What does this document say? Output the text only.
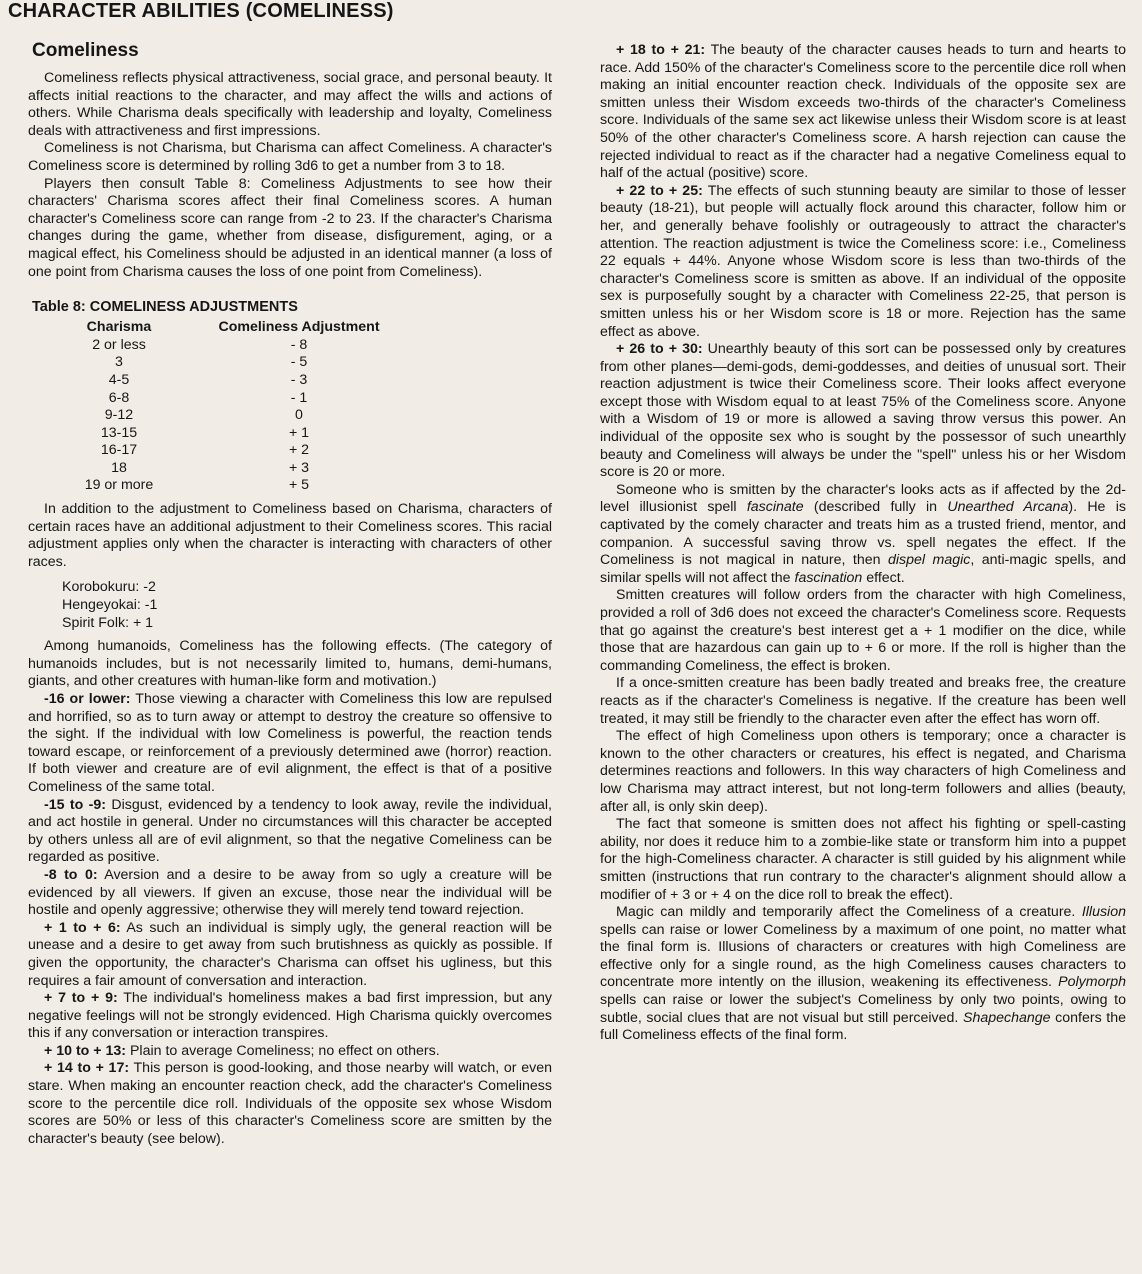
CHARACTER ABILITIES (COMELINESS)
Comeliness

Comeliness reflects physical attractiveness, social grace, and personal beauty. It affects initial reactions to the character, and may affect the wills and actions of others. While Charisma deals specifically with leadership and loyalty, Comeliness deals with attractiveness and first impressions.

Comeliness is not Charisma, but Charisma can affect Comeliness. A character's Comeliness score is determined by rolling 3d6 to get a number from 3 to 18.

Players then consult Table 8: Comeliness Adjustments to see how their characters' Charisma scores affect their final Comeliness scores. A human character's Comeliness score can range from -2 to 23. If the character's Charisma changes during the game, whether from disease, disfigurement, aging, or a magical effect, his Comeliness should be adjusted in an identical manner (a loss of one point from Charisma causes the loss of one point from Comeliness).

Table 8: COMELINESS ADJUSTMENTS
Charisma	Comeliness Adjustment
2 or less	- 8
3	- 5
4-5	- 3
6-8	- 1
9-12	0
13-15	+ 1
16-17	+ 2
18	+ 3
19 or more	+ 5

In addition to the adjustment to Comeliness based on Charisma, characters of certain races have an additional adjustment to their Comeliness scores. This racial adjustment applies only when the character is interacting with characters of other races.

Korobokuru: -2
Hengeyokai: -1
Spirit Folk: + 1

Among humanoids, Comeliness has the following effects. (The category of humanoids includes, but is not necessarily limited to, humans, demi-humans, giants, and other creatures with human-like form and motivation.)

-16 or lower: Those viewing a character with Comeliness this low are repulsed and horrified, so as to turn away or attempt to destroy the creature so offensive to the sight. If the individual with low Comeliness is powerful, the reaction tends toward escape, or reinforcement of a previously determined awe (horror) reaction. If both viewer and creature are of evil alignment, the effect is that of a positive Comeliness of the same total.

-15 to -9: Disgust, evidenced by a tendency to look away, revile the individual, and act hostile in general. Under no circumstances will this character be accepted by others unless all are of evil alignment, so that the negative Comeliness can be regarded as positive.

-8 to 0: Aversion and a desire to be away from so ugly a creature will be evidenced by all viewers. If given an excuse, those near the individual will be hostile and openly aggressive; otherwise they will merely tend toward rejection.

+ 1 to + 6: As such an individual is simply ugly, the general reaction will be unease and a desire to get away from such brutishness as quickly as possible. If given the opportunity, the character's Charisma can offset his ugliness, but this requires a fair amount of conversation and interaction.

+ 7 to + 9: The individual's homeliness makes a bad first impression, but any negative feelings will not be strongly evidenced. High Charisma quickly overcomes this if any conversation or interaction transpires.

+ 10 to + 13: Plain to average Comeliness; no effect on others.

+ 14 to + 17: This person is good-looking, and those nearby will watch, or even stare. When making an encounter reaction check, add the character's Comeliness score to the percentile dice roll. Individuals of the opposite sex whose Wisdom scores are 50% or less of this character's Comeliness score are smitten by the character's beauty (see below).

+ 18 to + 21: The beauty of the character causes heads to turn and hearts to race. Add 150% of the character's Comeliness score to the percentile dice roll when making an initial encounter reaction check. Individuals of the opposite sex are smitten unless their Wisdom exceeds two-thirds of the character's Comeliness score. Individuals of the same sex act likewise unless their Wisdom score is at least 50% of the other character's Comeliness score. A harsh rejection can cause the rejected individual to react as if the character had a negative Comeliness equal to half of the actual (positive) score.

+ 22 to + 25: The effects of such stunning beauty are similar to those of lesser beauty (18-21), but people will actually flock around this character, follow him or her, and generally behave foolishly or outrageously to attract the character's attention. The reaction adjustment is twice the Comeliness score: i.e., Comeliness 22 equals + 44%. Anyone whose Wisdom score is less than two-thirds of the character's Comeliness score is smitten as above. If an individual of the opposite sex is purposefully sought by a character with Comeliness 22-25, that person is smitten unless his or her Wisdom score is 18 or more. Rejection has the same effect as above.

+ 26 to + 30: Unearthly beauty of this sort can be possessed only by creatures from other planes—demi-gods, demi-goddesses, and deities of unusual sort. Their reaction adjustment is twice their Comeliness score. Their looks affect everyone except those with Wisdom equal to at least 75% of the Comeliness score. Anyone with a Wisdom of 19 or more is allowed a saving throw versus this power. An individual of the opposite sex who is sought by the possessor of such unearthly beauty and Comeliness will always be under the "spell" unless his or her Wisdom score is 20 or more.

Someone who is smitten by the character's looks acts as if affected by the 2d-level illusionist spell fascinate (described fully in Unearthed Arcana). He is captivated by the comely character and treats him as a trusted friend, mentor, and companion. A successful saving throw vs. spell negates the effect. If the Comeliness is not magical in nature, then dispel magic, anti-magic spells, and similar spells will not affect the fascination effect.

Smitten creatures will follow orders from the character with high Comeliness, provided a roll of 3d6 does not exceed the character's Comeliness score. Requests that go against the creature's best interest get a + 1 modifier on the dice, while those that are hazardous can gain up to + 6 or more. If the roll is higher than the commanding Comeliness, the effect is broken.

If a once-smitten creature has been badly treated and breaks free, the creature reacts as if the character's Comeliness is negative. If the creature has been well treated, it may still be friendly to the character even after the effect has worn off.

The effect of high Comeliness upon others is temporary; once a character is known to the other characters or creatures, his effect is negated, and Charisma determines reactions and followers. In this way characters of high Comeliness and low Charisma may attract interest, but not long-term followers and allies (beauty, after all, is only skin deep).

The fact that someone is smitten does not affect his fighting or spell-casting ability, nor does it reduce him to a zombie-like state or transform him into a puppet for the high-Comeliness character. A character is still guided by his alignment while smitten (instructions that run contrary to the character's alignment should allow a modifier of + 3 or + 4 on the dice roll to break the effect).

Magic can mildly and temporarily affect the Comeliness of a creature. Illusion spells can raise or lower Comeliness by a maximum of one point, no matter what the final form is. Illusions of characters or creatures with high Comeliness are effective only for a single round, as the high Comeliness causes characters to concentrate more intently on the illusion, weakening its effectiveness. Polymorph spells can raise or lower the subject's Comeliness by only two points, owing to subtle, social clues that are not visual but still perceived. Shapechange confers the full Comeliness effects of the final form.
